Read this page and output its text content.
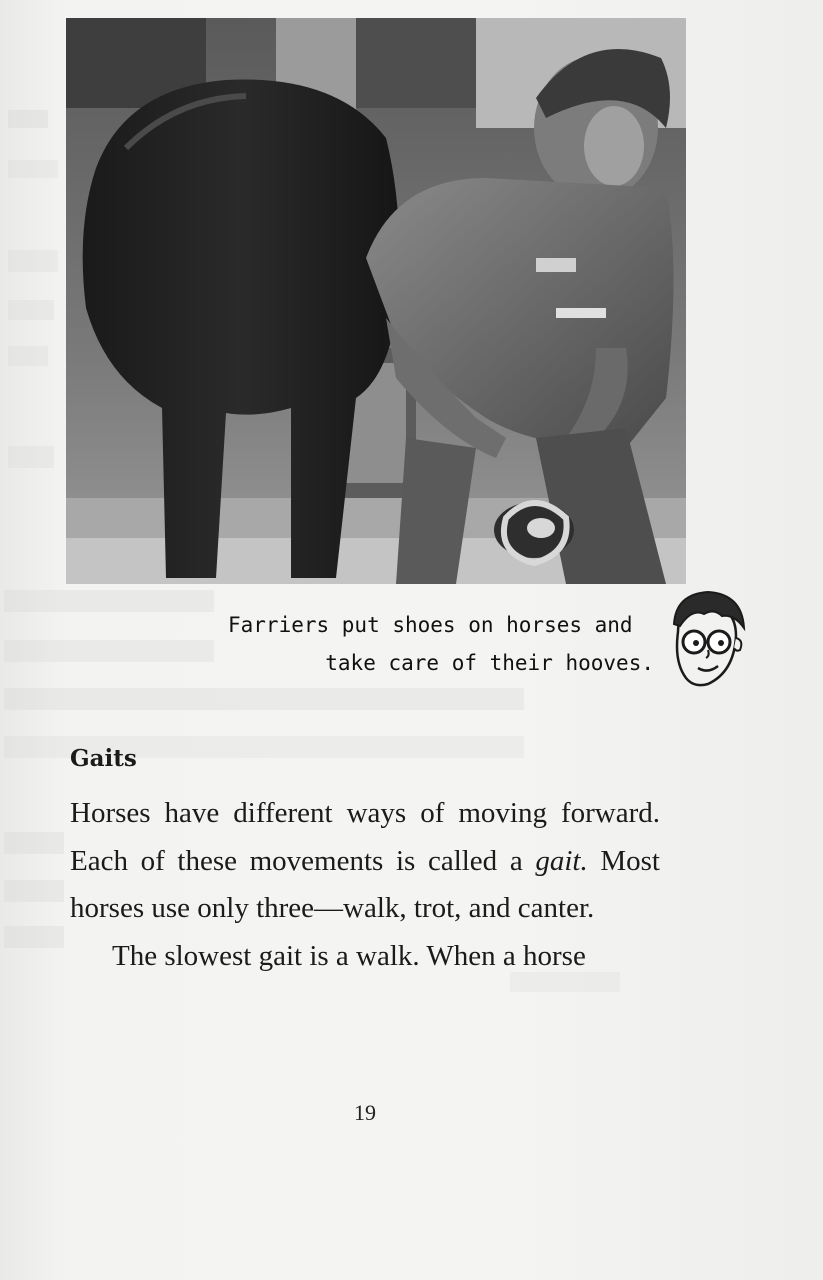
Farriers put shoes on horses and
take care of their hooves.
Gaits

Horses have different ways of moving forward. Each of these movements is called a gait. Most horses use only three—walk, trot, and canter.

The slowest gait is a walk. When a horse

19
